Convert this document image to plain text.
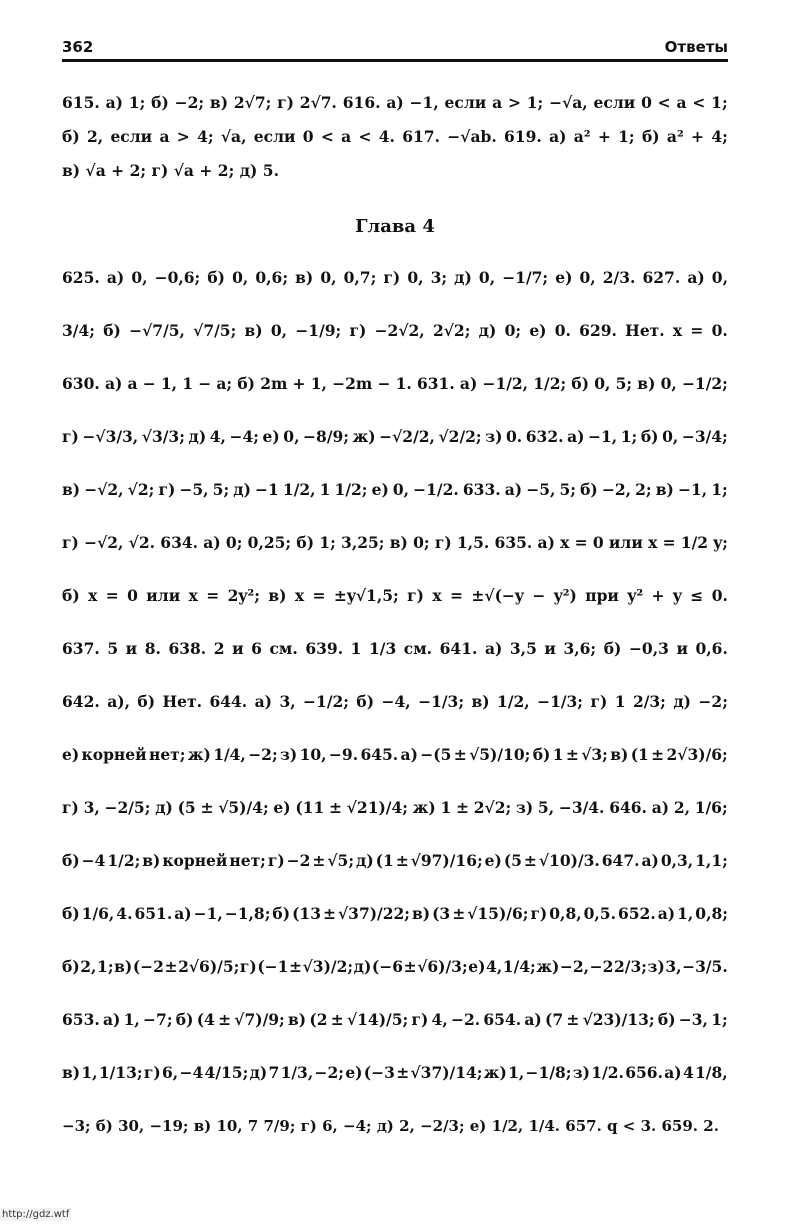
362	Ответы
615. а) 1; б) −2; в) 2√7; г) 2√7. 616. а) −1, если a > 1; −√a, если 0 < a < 1;
б) 2, если a > 4; √a, если 0 < a < 4. 617. −√ab. 619. а) a² + 1; б) a² + 4;
в)
√a
+
2;
г)
√a
+
2;
д)
5.
Глава 4
625. а) 0, −0,6; б) 0, 0,6; в) 0, 0,7; г) 0, 3; д) 0, −1/7; е) 0, 2/3. 627. а) 0,
3/4; б) −√7/5, √7/5; в) 0, −1/9; г) −2√2, 2√2; д) 0; е) 0. 629. Нет. x = 0.
630. а) a − 1, 1 − a; б) 2m + 1, −2m − 1. 631. а) −1/2, 1/2; б) 0, 5; в) 0, −1/2;
г) −√3/3, √3/3; д) 4, −4; е) 0, −8/9; ж) −√2/2, √2/2; з) 0. 632. а) −1, 1; б) 0, −3/4;
в) −√2, √2; г) −5, 5; д) −1 1/2, 1 1/2; е) 0, −1/2. 633. а) −5, 5; б) −2, 2; в) −1, 1;
г) −√2, √2. 634. а) 0; 0,25; б) 1; 3,25; в) 0; г) 1,5. 635. а) x = 0 или x = 1/2 y;
б) x = 0 или x = 2y²; в) x = ±y√1,5; г) x = ±√(−y − y²) при y² + y ≤ 0.
637. 5 и 8. 638. 2 и 6 см. 639. 1 1/3 см. 641. а) 3,5 и 3,6; б) −0,3 и 0,6.
642. а), б) Нет. 644. а) 3, −1/2; б) −4, −1/3; в) 1/2, −1/3; г) 1 2/3; д) −2;
е) корней нет; ж) 1/4, −2; з) 10, −9. 645. а) −(5 ± √5)/10; б) 1 ± √3; в) (1 ± 2√3)/6;
г) 3, −2/5; д) (5 ± √5)/4; е) (11 ± √21)/4; ж) 1 ± 2√2; з) 5, −3/4. 646. а) 2, 1/6;
б) −4 1/2; в) корней нет; г) −2 ± √5; д) (1 ± √97)/16; е) (5 ± √10)/3. 647. а) 0,3, 1,1;
б) 1/6, 4. 651. а) −1, −1,8; б) (13 ± √37)/22; в) (3 ± √15)/6; г) 0,8, 0,5. 652. а) 1, 0,8;
б) 2, 1; в) (−2 ± 2√6)/5; г) (−1 ± √3)/2; д) (−6 ± √6)/3; е) 4, 1/4; ж) −2, −2 2/3; з) 3, −3/5.
653. а) 1, −7; б) (4 ± √7)/9; в) (2 ± √14)/5; г) 4, −2. 654. а) (7 ± √23)/13; б) −3, 1;
в) 1, 1/13; г) 6, −4 4/15; д) 7 1/3, −2; е) (−3 ± √37)/14; ж) 1, −1/8; з) 1/2. 656. а) 4 1/8,
−3;
б)
30,
−19;
в)
10,
7
7/9;
г)
6,
−4;
д)
2,
−2/3;
е)
1/2,
1/4.
657.
q
<
3.
659.
2.
http://gdz.wtf
